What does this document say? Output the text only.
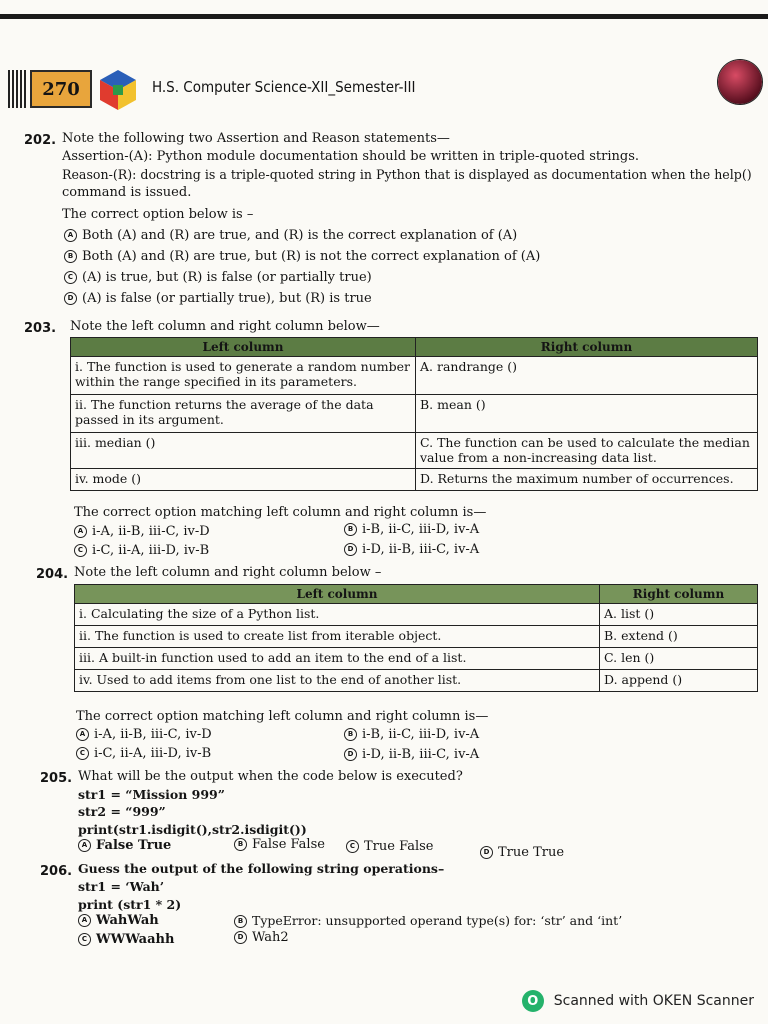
270	H.S. Computer Science-XII_Semester-III
202. Note the following two Assertion and Reason statements—
Assertion-(A): Python module documentation should be written in triple-quoted strings.
Reason-(R): docstring is a triple-quoted string in Python that is displayed as documentation when the help()
command is issued.
The correct option below is –
A Both (A) and (R) are true, and (R) is the correct explanation of (A)
B Both (A) and (R) are true, but (R) is not the correct explanation of (A)
C (A) is true, but (R) is false (or partially true)
D (A) is false (or partially true), but (R) is true
203. Note the left column and right column below—
Left column	Right column
i. The function is used to generate a random number within the range specified in its parameters.	A. randrange ()
ii. The function returns the average of the data passed in its argument.	B. mean ()
iii. median ()	C. The function can be used to calculate the median value from a non-increasing data list.
iv. mode ()	D. Returns the maximum number of occurrences.
The correct option matching left column and right column is—
A i-A, ii-B, iii-C, iv-D	B i-B, ii-C, iii-D, iv-A
C i-C, ii-A, iii-D, iv-B	D i-D, ii-B, iii-C, iv-A
204. Note the left column and right column below –
Left column	Right column
i. Calculating the size of a Python list.	A. list ()
ii. The function is used to create list from iterable object.	B. extend ()
iii. A built-in function used to add an item to the end of a list.	C. len ()
iv. Used to add items from one list to the end of another list.	D. append ()
The correct option matching left column and right column is—
A i-A, ii-B, iii-C, iv-D	B i-B, ii-C, iii-D, iv-A
C i-C, ii-A, iii-D, iv-B	D i-D, ii-B, iii-C, iv-A
205. What will be the output when the code below is executed?
str1 = “Mission 999”
str2 = “999”
print(str1.isdigit(),str2.isdigit())
A False True	B False False	C True False	D True True
206. Guess the output of the following string operations–
str1 = ‘Wah’
print (str1 * 2)
A WahWah	B TypeError: unsupported operand type(s) for: ‘str’ and ‘int’
C WWWaahh	D Wah2
O	Scanned with OKEN Scanner
